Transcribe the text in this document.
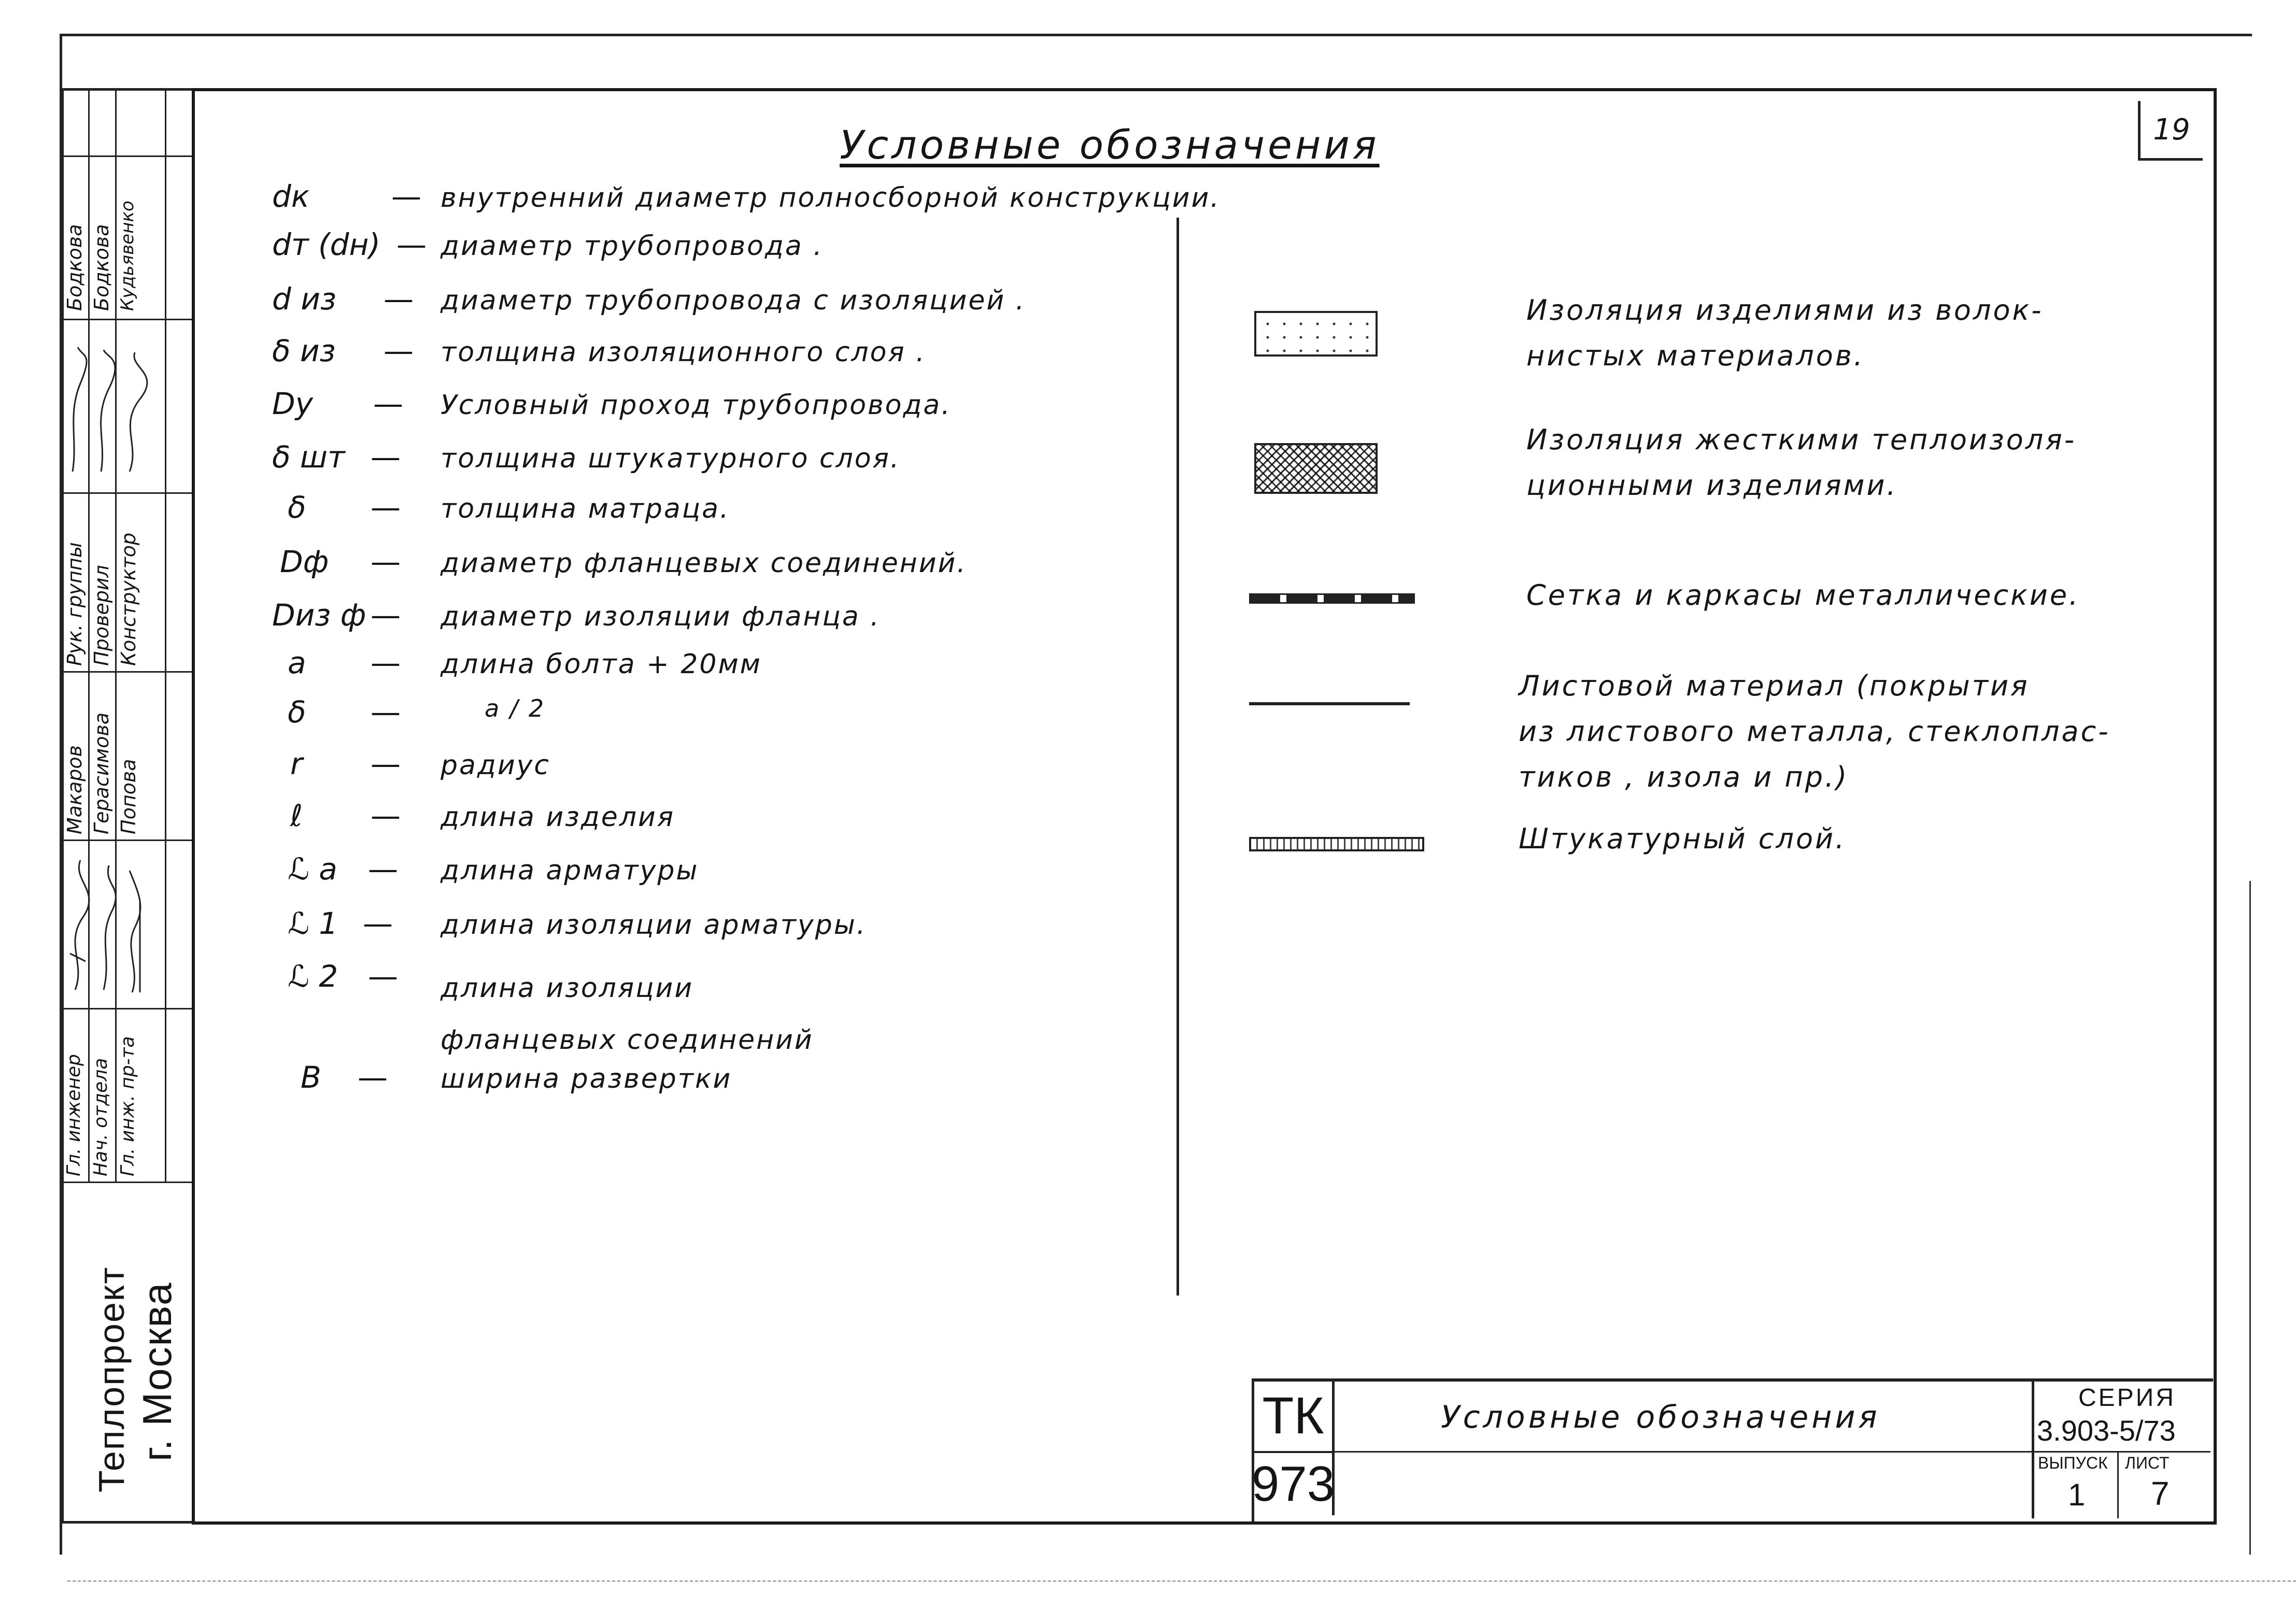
Бодкова Бодкова Кудьявенко
Рук. группы Проверил Конструктор
Макаров Герасимова Попова
Гл. инженер Нач. отдела Гл. инж. пр-та
Теплопроект г. Москва
19
Условные обозначения
dк	— внутренний диаметр полносборной конструкции.
dт (dн) — диаметр трубопровода .
d из — диаметр трубопровода с изоляцией .
δ из — толщина изоляционного слоя .
Dу — Условный проход трубопровода.
δ шт — толщина штукатурного слоя.
δ — толщина матраца.
Dф — диаметр фланцевых соединений.
Dиз ф — диаметр изоляции фланца .
a — длина болта + 20мм
δ —	a / 2
r — радиус
ℓ — длина изделия
ℒ a — длина арматуры
ℒ 1 — длина изоляции арматуры.
ℒ 2 — длина изоляции фланцевых соединений
B — ширина развертки
Изоляция изделиями из волок-
нистых материалов.
Изоляция жесткими теплоизоля-
ционными изделиями.
Сетка и каркасы металлические.
Листовой материал (покрытия
из листового металла, стеклоплас-
тиков , изола и пр.)
Штукатурный слой.
ТК
973
Условные обозначения
СЕРИЯ
3.903-5/73
ВЫПУСК ЛИСТ
1 7
